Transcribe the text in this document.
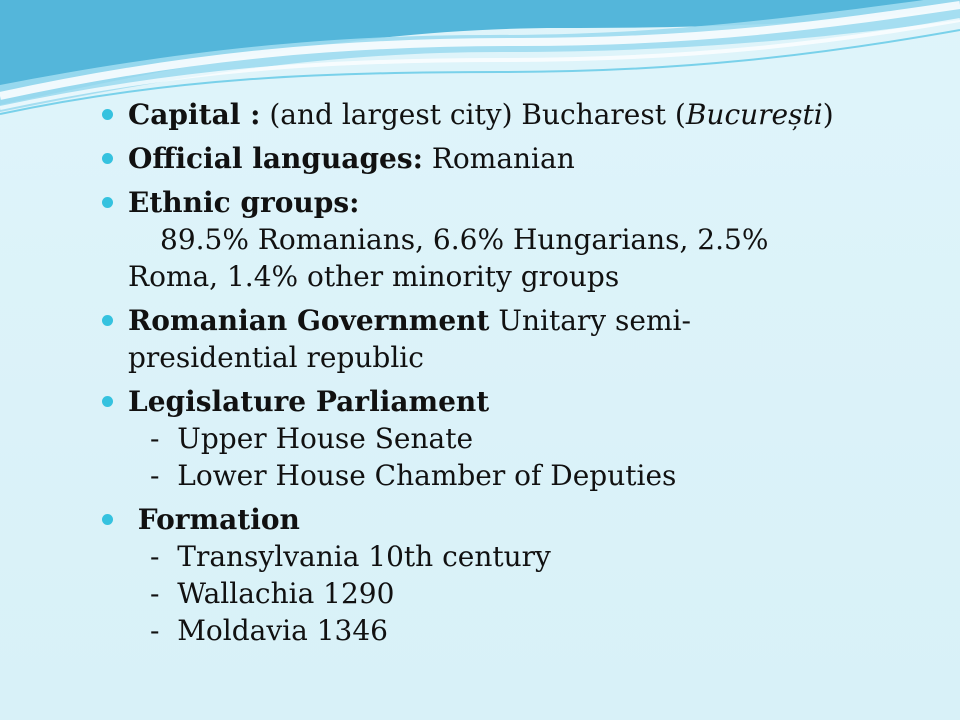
Capital : (and largest city) Bucharest (București)
Official languages: Romanian
Ethnic groups:
89.5% Romanians, 6.6% Hungarians, 2.5%
Roma, 1.4% other minority groups
Romanian Government Unitary semi-
presidential republic
Legislature Parliament
-  Upper House Senate
-  Lower House Chamber of Deputies
Formation
-  Transylvania 10th century
-  Wallachia 1290
-  Moldavia 1346
